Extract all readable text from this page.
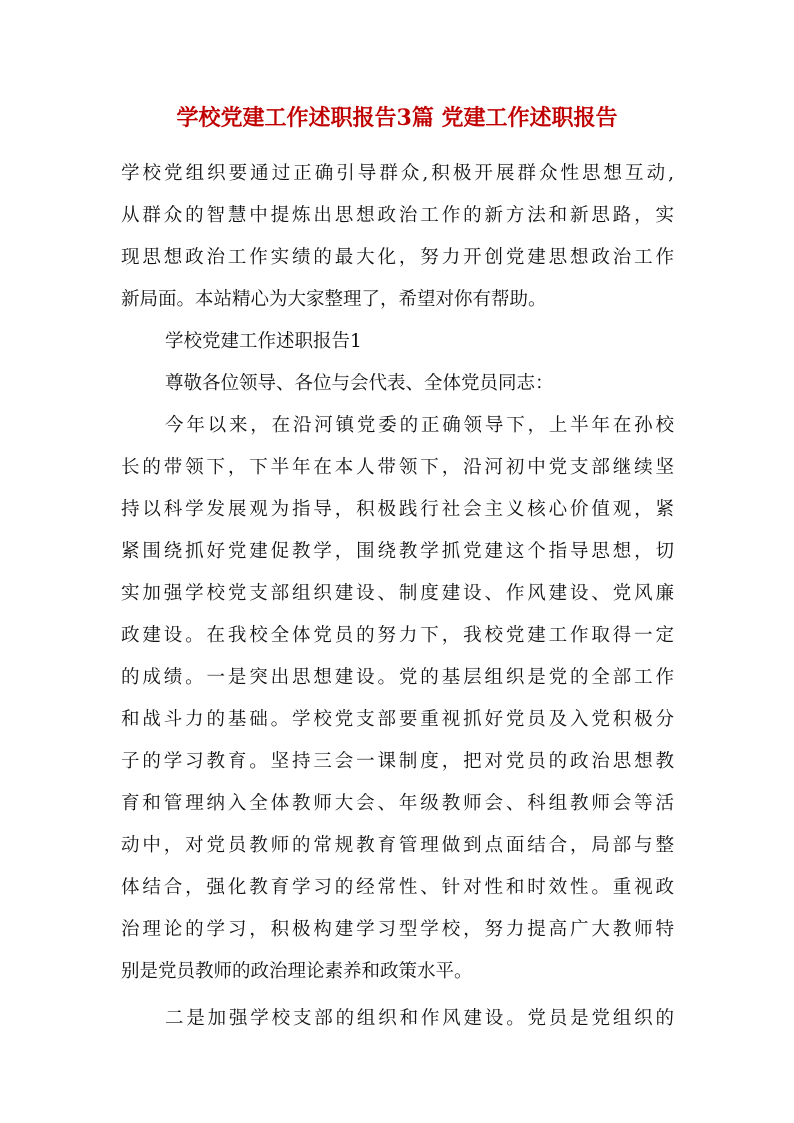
学校党建工作述职报告3篇 党建工作述职报告
学校党组织要通过正确引导群众,积极开展群众性思想互动,
从群众的智慧中提炼出思想政治工作的新方法和新思路，实
现思想政治工作实绩的最大化，努力开创党建思想政治工作
新局面。本站精心为大家整理了，希望对你有帮助。
学校党建工作述职报告1
尊敬各位领导、各位与会代表、全体党员同志：
今年以来，在沿河镇党委的正确领导下，上半年在孙校
长的带领下，下半年在本人带领下，沿河初中党支部继续坚
持以科学发展观为指导，积极践行社会主义核心价值观，紧
紧围绕抓好党建促教学，围绕教学抓党建这个指导思想，切
实加强学校党支部组织建设、制度建设、作风建设、党风廉
政建设。在我校全体党员的努力下，我校党建工作取得一定
的成绩。一是突出思想建设。党的基层组织是党的全部工作
和战斗力的基础。学校党支部要重视抓好党员及入党积极分
子的学习教育。坚持三会一课制度，把对党员的政治思想教
育和管理纳入全体教师大会、年级教师会、科组教师会等活
动中，对党员教师的常规教育管理做到点面结合，局部与整
体结合，强化教育学习的经常性、针对性和时效性。重视政
治理论的学习，积极构建学习型学校，努力提高广大教师特
别是党员教师的政治理论素养和政策水平。
二是加强学校支部的组织和作风建设。党员是党组织的
